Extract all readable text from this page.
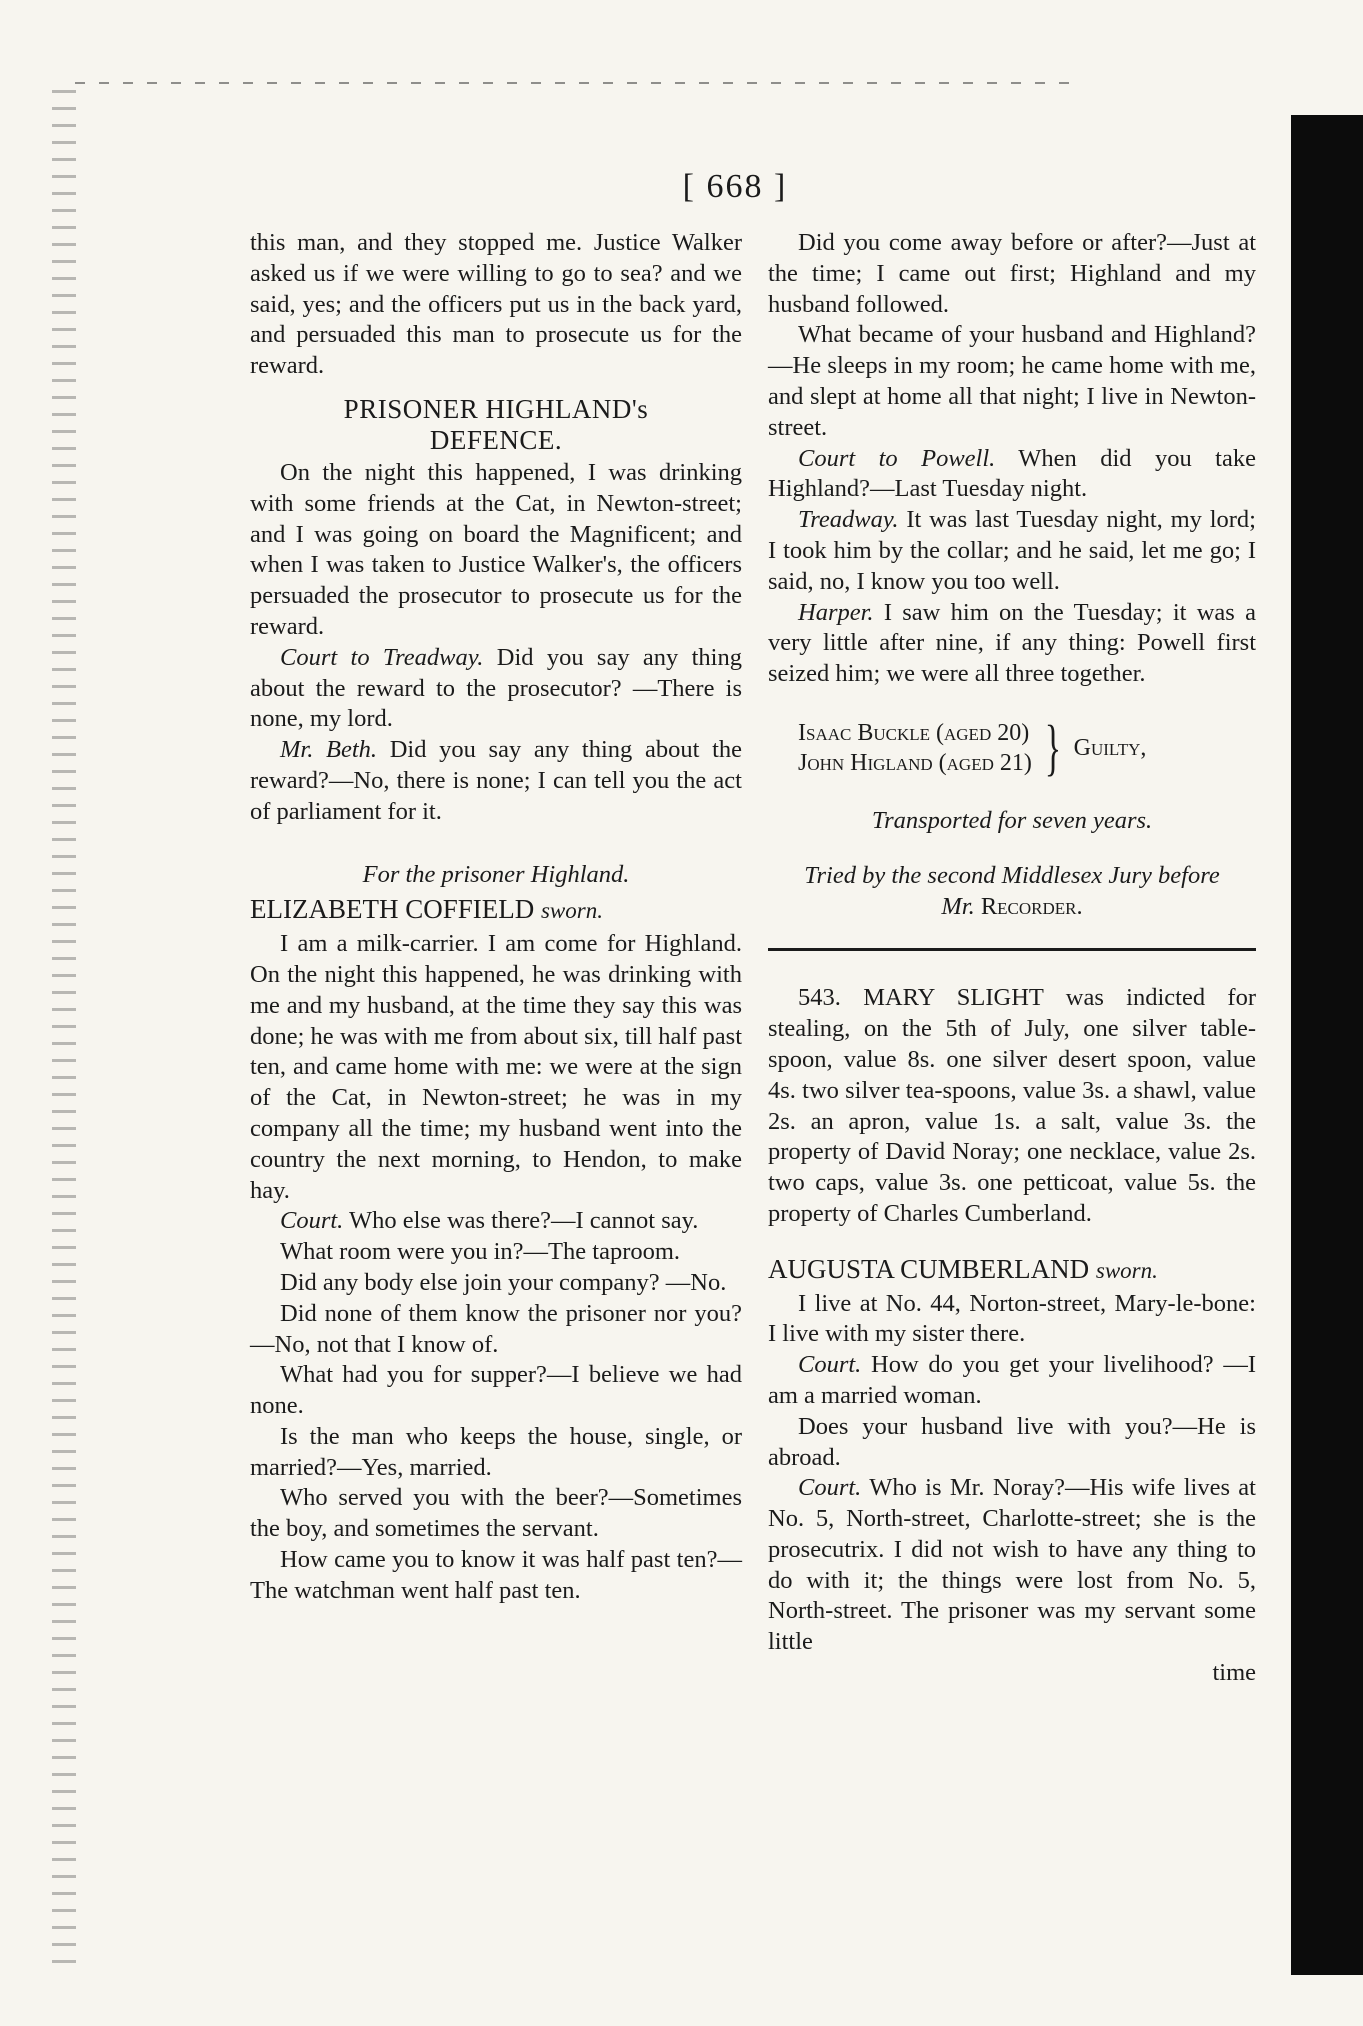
[ 668 ]

this man, and they stopped me. Justice Walker asked us if we were willing to go to sea? and we said, yes; and the officers put us in the back yard, and persuaded this man to prosecute us for the reward.

PRISONER HIGHLAND's
DEFENCE.

On the night this happened, I was drinking with some friends at the Cat, in Newton-street; and I was going on board the Magnificent; and when I was taken to Justice Walker's, the officers persuaded the prosecutor to prosecute us for the reward.

Court to Treadway. Did you say any thing about the reward to the prosecutor? —There is none, my lord.

Mr. Beth. Did you say any thing about the reward?—No, there is none; I can tell you the act of parliament for it.

For the prisoner Highland.

ELIZABETH COFFIELD sworn.

I am a milk-carrier. I am come for Highland. On the night this happened, he was drinking with me and my husband, at the time they say this was done; he was with me from about six, till half past ten, and came home with me: we were at the sign of the Cat, in Newton-street; he was in my company all the time; my husband went into the country the next morning, to Hendon, to make hay.

Court. Who else was there?—I cannot say.

What room were you in?—The taproom.

Did any body else join your company? —No.

Did none of them know the prisoner nor you?—No, not that I know of.

What had you for supper?—I believe we had none.

Is the man who keeps the house, single, or married?—Yes, married.

Who served you with the beer?—Sometimes the boy, and sometimes the servant.

How came you to know it was half past ten?—The watchman went half past ten.

Did you come away before or after?—Just at the time; I came out first; Highland and my husband followed.

What became of your husband and Highland?—He sleeps in my room; he came home with me, and slept at home all that night; I live in Newton-street.

Court to Powell. When did you take Highland?—Last Tuesday night.

Treadway. It was last Tuesday night, my lord; I took him by the collar; and he said, let me go; I said, no, I know you too well.

Harper. I saw him on the Tuesday; it was a very little after nine, if any thing: Powell first seized him; we were all three together.

Isaac Buckle (aged 20)
John Higland (aged 21) } Guilty,

Transported for seven years.

Tried by the second Middlesex Jury before
Mr. Recorder.

543. MARY SLIGHT was indicted for stealing, on the 5th of July, one silver table-spoon, value 8s. one silver desert spoon, value 4s. two silver tea-spoons, value 3s. a shawl, value 2s. an apron, value 1s. a salt, value 3s. the property of David Noray; one necklace, value 2s. two caps, value 3s. one petticoat, value 5s. the property of Charles Cumberland.

AUGUSTA CUMBERLAND sworn.

I live at No. 44, Norton-street, Mary-le-bone: I live with my sister there.

Court. How do you get your livelihood? —I am a married woman.

Does your husband live with you?—He is abroad.

Court. Who is Mr. Noray?—His wife lives at No. 5, North-street, Charlotte-street; she is the prosecutrix. I did not wish to have any thing to do with it; the things were lost from No. 5, North-street. The prisoner was my servant some little

time
